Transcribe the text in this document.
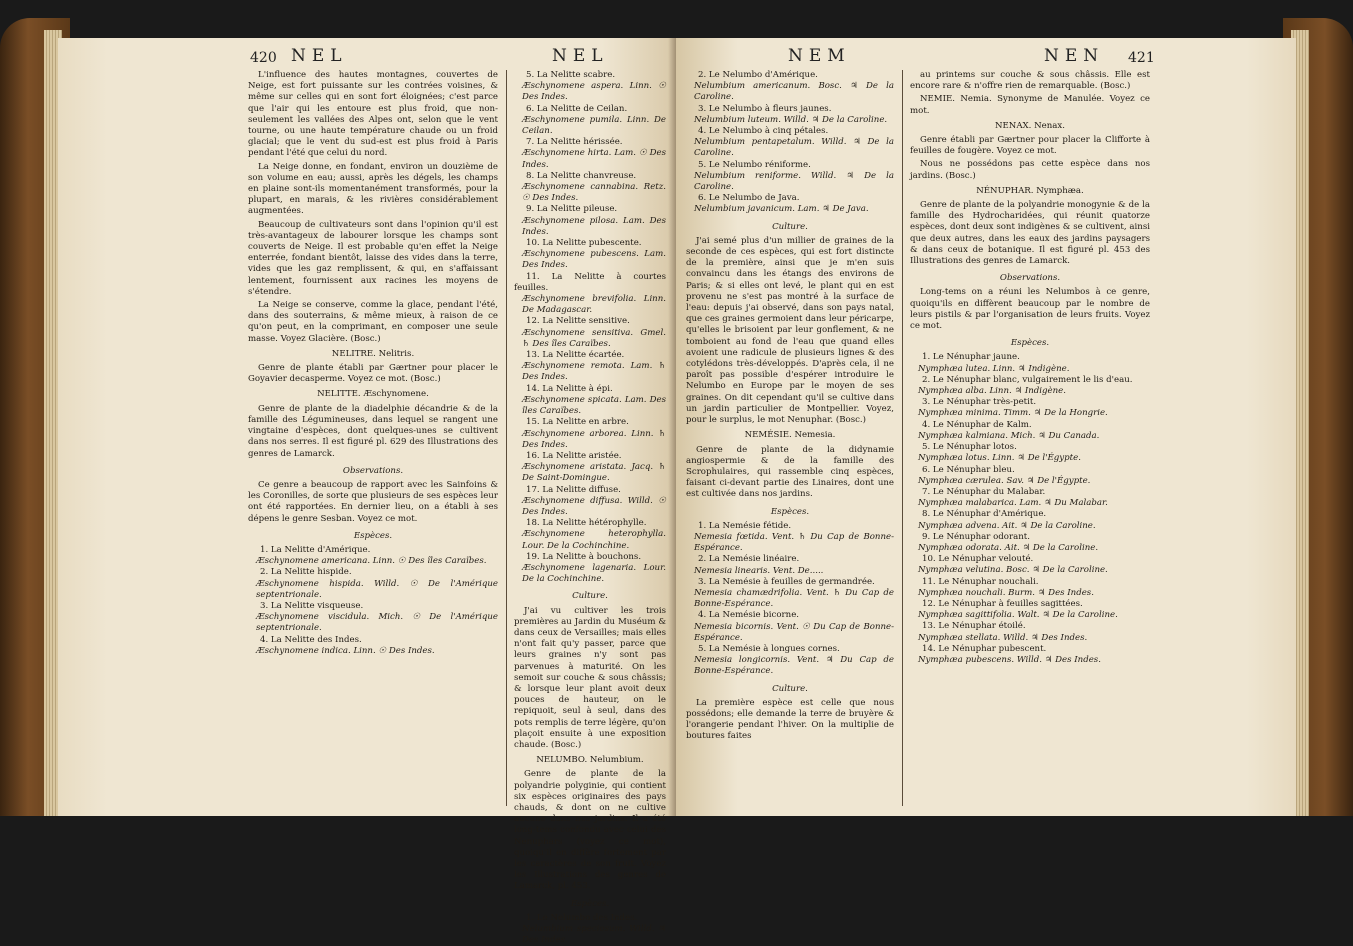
420 NEL	NEL

L'influence des hautes montagnes, couvertes de Neige, est fort puissante sur les contrées voisines, & même sur celles qui en sont fort éloignées; c'est parce que l'air qui les entoure est plus froid, que non-seulement les vallées des Alpes ont, selon que le vent tourne, ou une haute température chaude ou un froid glacial; que le vent du sud-est est plus froid à Paris pendant l'été que celui du nord.

La Neige donne, en fondant, environ un douzième de son volume en eau; aussi, après les dégels, les champs en plaine sont-ils momentanément transformés, pour la plupart, en marais, & les rivières considérablement augmentées.

Beaucoup de cultivateurs sont dans l'opinion qu'il est très-avantageux de labourer lorsque les champs sont couverts de Neige. Il est probable qu'en effet la Neige enterrée, fondant bientôt, laisse des vides dans la terre, vides que les gaz remplissent, & qui, en s'affaissant lentement, fournissent aux racines les moyens de s'étendre.

La Neige se conserve, comme la glace, pendant l'été, dans des souterrains, & même mieux, à raison de ce qu'on peut, en la comprimant, en composer une seule masse. Voyez Glacière. (Bosc.)

NELITRE. Nelitris.

Genre de plante établi par Gærtner pour placer le Goyavier decasperme. Voyez ce mot. (Bosc.)

NELITTE. Æschynomene.

Genre de plante de la diadelphie décandrie & de la famille des Légumineuses, dans lequel se rangent une vingtaine d'espèces, dont quelques-unes se cultivent dans nos serres. Il est figuré pl. 629 des Illustrations des genres de Lamarck.

Observations.

Ce genre a beaucoup de rapport avec les Sainfoins & les Coronilles, de sorte que plusieurs de ses espèces leur ont été rapportées. En dernier lieu, on a établi à ses dépens le genre Sesban. Voyez ce mot.

Espèces.

1. La Nelitte d'Amérique.

Æschynomene americana. Linn. ☉ Des îles Caraïbes.

2. La Nelitte hispide.

Æschynomene hispida. Willd. ☉ De l'Amérique septentrionale.

3. La Nelitte visqueuse.

Æschynomene viscidula. Mich. ☉ De l'Amérique septentrionale.

4. La Nelitte des Indes.

Æschynomene indica. Linn. ☉ Des Indes.

5. La Nelitte scabre.

Æschynomene aspera. Linn. ☉ Des Indes.

6. La Nelitte de Ceilan.

Æschynomene pumila. Linn. De Ceilan.

7. La Nelitte hérissée.

Æschynomene hirta. Lam. ☉ Des Indes.

8. La Nelitte chanvreuse.

Æschynomene cannabina. Retz. ☉ Des Indes.

9. La Nelitte pileuse.

Æschynomene pilosa. Lam. Des Indes.

10. La Nelitte pubescente.

Æschynomene pubescens. Lam. Des Indes.

11. La Nelitte à courtes feuilles.

Æschynomene brevifolia. Linn. De Madagascar.

12. La Nelitte sensitive.

Æschynomene sensitiva. Gmel. ♄ Des îles Caraïbes.

13. La Nelitte écartée.

Æschynomene remota. Lam. ♄ Des Indes.

14. La Nelitte à épi.

Æschynomene spicata. Lam. Des îles Caraïbes.

15. La Nelitte en arbre.

Æschynomene arborea. Linn. ♄ Des Indes.

16. La Nelitte aristée.

Æschynomene aristata. Jacq. ♄ De Saint-Domingue.

17. La Nelitte diffuse.

Æschynomene diffusa. Willd. ☉ Des Indes.

18. La Nelitte hétérophylle.

Æschynomene heterophylla. Lour. De la Cochinchine.

19. La Nelitte à bouchons.

Æschynomene lagenaria. Lour. De la Cochinchine.

Culture.

J'ai vu cultiver les trois premières au Jardin du Muséum & dans ceux de Versailles; mais elles n'ont fait qu'y passer, parce que leurs graines n'y sont pas parvenues à maturité. On les semoit sur couche & sous châssis; & lorsque leur plant avoit deux pouces de hauteur, on le repiquoit, seul à seul, dans des pots remplis de terre légère, qu'on plaçoit ensuite à une exposition chaude. (Bosc.)

NELUMBO. Nelumbium.

Genre de plante de la polyandrie polyginie, qui contient six espèces originaires des pays chauds, & dont on ne cultive aucune dans nos jardins. Il a été long-tems confondu avec celui des Nenuphars (voyez ce mot), quoiqu'il en diffère fortement par les caractères de son fruit. Voyez les Illustrations des genres de Lamarck, pl. 453.

Espèces.

1. Le Nelumbo des Indes.

Nelumbium speciosum. Willd. ♃ Des Indes.

NEM	NEN 421

2. Le Nelumbo d'Amérique.

Nelumbium americanum. Bosc. ♃ De la Caroline.

3. Le Nelumbo à fleurs jaunes.

Nelumbium luteum. Willd. ♃ De la Caroline.

4. Le Nelumbo à cinq pétales.

Nelumbium pentapetalum. Willd. ♃ De la Caroline.

5. Le Nelumbo réniforme.

Nelumbium reniforme. Willd. ♃ De la Caroline.

6. Le Nelumbo de Java.

Nelumbium javanicum. Lam. ♃ De Java.

Culture.

J'ai semé plus d'un millier de graines de la seconde de ces espèces, qui est fort distincte de la première, ainsi que je m'en suis convaincu dans les étangs des environs de Paris; & si elles ont levé, le plant qui en est provenu ne s'est pas montré à la surface de l'eau: depuis j'ai observé, dans son pays natal, que ces graines germoient dans leur péricarpe, qu'elles le brisoient par leur gonflement, & ne tomboient au fond de l'eau que quand elles avoient une radicule de plusieurs lignes & des cotylédons très-développés. D'après cela, il ne paroît pas possible d'espérer introduire le Nelumbo en Europe par le moyen de ses graines. On dit cependant qu'il se cultive dans un jardin particulier de Montpellier. Voyez, pour le surplus, le mot Nenuphar. (Bosc.)

NEMÉSIE. Nemesia.

Genre de plante de la didynamie angiospermie & de la famille des Scrophulaires, qui rassemble cinq espèces, faisant ci-devant partie des Linaires, dont une est cultivée dans nos jardins.

Espèces.

1. La Nemésie fétide.

Nemesia fœtida. Vent. ♄ Du Cap de Bonne-Espérance.

2. La Nemésie linéaire.

Nemesia linearis. Vent. De.....

3. La Nemésie à feuilles de germandrée.

Nemesia chamædrifolia. Vent. ♄ Du Cap de Bonne-Espérance.

4. La Nemésie bicorne.

Nemesia bicornis. Vent. ☉ Du Cap de Bonne-Espérance.

5. La Nemésie à longues cornes.

Nemesia longicornis. Vent. ♃ Du Cap de Bonne-Espérance.

Culture.

La première espèce est celle que nous possédons; elle demande la terre de bruyère & l'orangerie pendant l'hiver. On la multiplie de boutures faites

au printems sur couche & sous châssis. Elle est encore rare & n'offre rien de remarquable. (Bosc.)

NEMIE. Nemia. Synonyme de Manulée. Voyez ce mot.

NENAX. Nenax.

Genre établi par Gærtner pour placer la Clifforte à feuilles de fougère. Voyez ce mot.

Nous ne possédons pas cette espèce dans nos jardins. (Bosc.)

NÉNUPHAR. Nymphæa.

Genre de plante de la polyandrie monogynie & de la famille des Hydrocharidées, qui réunit quatorze espèces, dont deux sont indigènes & se cultivent, ainsi que deux autres, dans les eaux des jardins paysagers & dans ceux de botanique. Il est figuré pl. 453 des Illustrations des genres de Lamarck.

Observations.

Long-tems on a réuni les Nelumbos à ce genre, quoiqu'ils en diffèrent beaucoup par le nombre de leurs pistils & par l'organisation de leurs fruits. Voyez ce mot.

Espèces.

1. Le Nénuphar jaune.

Nymphæa lutea. Linn. ♃ Indigène.

2. Le Nénuphar blanc, vulgairement le lis d'eau.

Nymphæa alba. Linn. ♃ Indigène.

3. Le Nénuphar très-petit.

Nymphæa minima. Timm. ♃ De la Hongrie.

4. Le Nénuphar de Kalm.

Nymphæa kalmiana. Mich. ♃ Du Canada.

5. Le Nénuphar lotos.

Nymphæa lotus. Linn. ♃ De l'Égypte.

6. Le Nénuphar bleu.

Nymphæa cærulea. Sav. ♃ De l'Égypte.

7. Le Nénuphar du Malabar.

Nymphæa malabarica. Lam. ♃ Du Malabar.

8. Le Nénuphar d'Amérique.

Nymphæa advena. Ait. ♃ De la Caroline.

9. Le Nénuphar odorant.

Nymphæa odorata. Ait. ♃ De la Caroline.

10. Le Nénuphar velouté.

Nymphæa velutina. Bosc. ♃ De la Caroline.

11. Le Nénuphar nouchali.

Nymphæa nouchali. Burm. ♃ Des Indes.

12. Le Nénuphar à feuilles sagittées.

Nymphæa sagittifolia. Walt. ♃ De la Caroline.

13. Le Nénuphar étoilé.

Nymphæa stellata. Willd. ♃ Des Indes.

14. Le Nénuphar pubescent.

Nymphæa pubescens. Willd. ♃ Des Indes.
